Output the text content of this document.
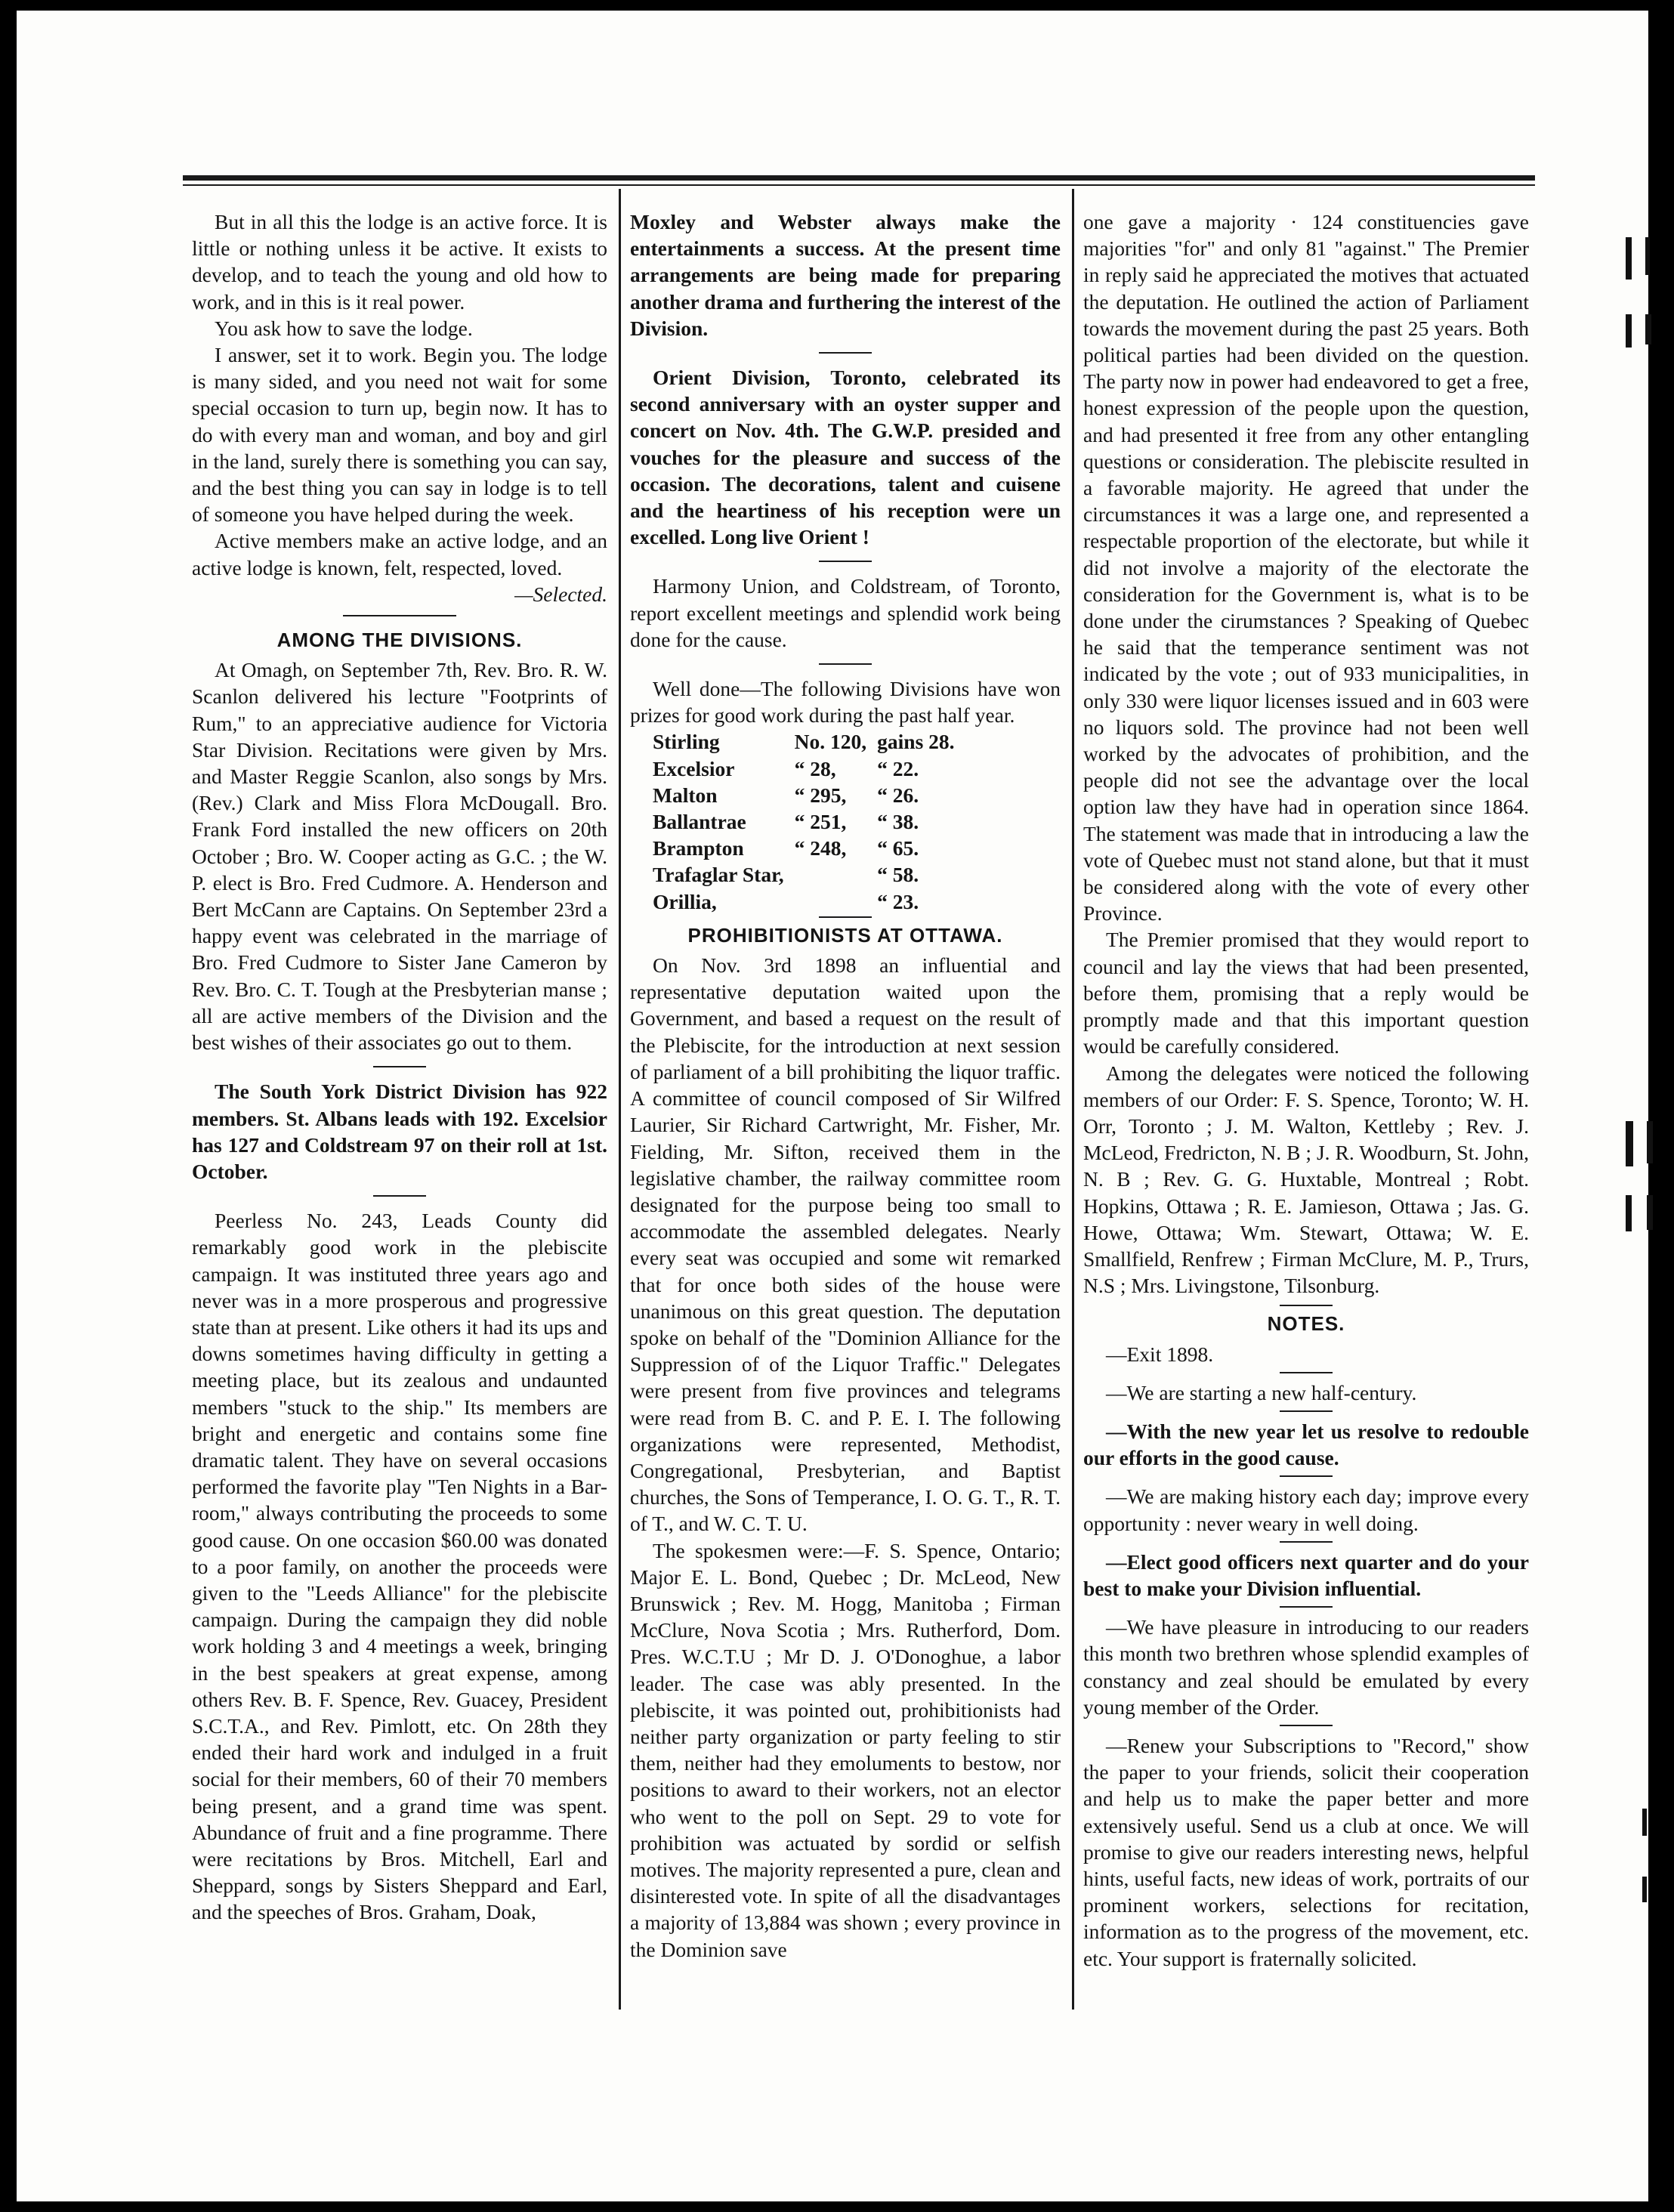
But in all this the lodge is an active force. It is little or nothing unless it be active. It exists to develop, and to teach the young and old how to work, and in this is it real power.

You ask how to save the lodge.

I answer, set it to work. Begin you. The lodge is many sided, and you need not wait for some special occasion to turn up, begin now. It has to do with every man and woman, and boy and girl in the land, surely there is something you can say, and the best thing you can say in lodge is to tell of someone you have helped during the week.

Active members make an active lodge, and an active lodge is known, felt, respected, loved.

—Selected.

AMONG THE DIVISIONS.

At Omagh, on September 7th, Rev. Bro. R. W. Scanlon delivered his lecture "Footprints of Rum," to an appreciative audience for Victoria Star Division. Recitations were given by Mrs. and Master Reggie Scanlon, also songs by Mrs. (Rev.) Clark and Miss Flora McDougall. Bro. Frank Ford installed the new officers on 20th October ; Bro. W. Cooper acting as G.C. ; the W. P. elect is Bro. Fred Cudmore. A. Henderson and Bert McCann are Captains. On September 23rd a happy event was celebrated in the marriage of Bro. Fred Cudmore to Sister Jane Cameron by Rev. Bro. C. T. Tough at the Presbyterian manse ; all are active members of the Division and the best wishes of their associates go out to them.

The South York District Division has 922 members. St. Albans leads with 192. Excelsior has 127 and Coldstream 97 on their roll at 1st. October.

Peerless No. 243, Leads County did remarkably good work in the plebiscite campaign. It was instituted three years ago and never was in a more prosperous and progressive state than at present. Like others it had its ups and downs sometimes having difficulty in getting a meeting place, but its zealous and undaunted members "stuck to the ship." Its members are bright and energetic and contains some fine dramatic talent. They have on several occasions performed the favorite play "Ten Nights in a Bar-room," always contributing the proceeds to some good cause. On one occasion $60.00 was donated to a poor family, on another the proceeds were given to the "Leeds Alliance" for the plebiscite campaign. During the campaign they did noble work holding 3 and 4 meetings a week, bringing in the best speakers at great expense, among others Rev. B. F. Spence, Rev. Guacey, President S.C.T.A., and Rev. Pimlott, etc. On 28th they ended their hard work and indulged in a fruit social for their members, 60 of their 70 members being present, and a grand time was spent. Abundance of fruit and a fine programme. There were recitations by Bros. Mitchell, Earl and Sheppard, songs by Sisters Sheppard and Earl, and the speeches of Bros. Graham, Doak,

Moxley and Webster always make the entertainments a success. At the present time arrangements are being made for preparing another drama and furthering the interest of the Division.

Orient Division, Toronto, celebrated its second anniversary with an oyster supper and concert on Nov. 4th. The G.W.P. presided and vouches for the pleasure and success of the occasion. The decorations, talent and cuisene and the heartiness of his reception were un excelled. Long live Orient !

Harmony Union, and Coldstream, of Toronto, report excellent meetings and splendid work being done for the cause.

Well done—The following Divisions have won prizes for good work during the past half year.

Stirling	No. 120,	gains 28.
Excelsior	“ 28,	“ 22.
Malton	“ 295,	“ 26.
Ballantrae	“ 251,	“ 38.
Brampton	“ 248,	“ 65.
Trafaglar Star,		“ 58.
Orillia,		“ 23.
PROHIBITIONISTS AT OTTAWA.

On Nov. 3rd 1898 an influential and representative deputation waited upon the Government, and based a request on the result of the Plebiscite, for the introduction at next session of parliament of a bill prohibiting the liquor traffic. A committee of council composed of Sir Wilfred Laurier, Sir Richard Cartwright, Mr. Fisher, Mr. Fielding, Mr. Sifton, received them in the legislative chamber, the railway committee room designated for the purpose being too small to accommodate the assembled delegates. Nearly every seat was occupied and some wit remarked that for once both sides of the house were unanimous on this great question. The deputation spoke on behalf of the "Dominion Alliance for the Suppression of of the Liquor Traffic." Delegates were present from five provinces and telegrams were read from B. C. and P. E. I. The following organizations were represented, Methodist, Congregational, Presbyterian, and Baptist churches, the Sons of Temperance, I. O. G. T., R. T. of T., and W. C. T. U.

The spokesmen were:—F. S. Spence, Ontario; Major E. L. Bond, Quebec ; Dr. McLeod, New Brunswick ; Rev. M. Hogg, Manitoba ; Firman McClure, Nova Scotia ; Mrs. Rutherford, Dom. Pres. W.C.T.U ; Mr D. J. O'Donoghue, a labor leader. The case was ably presented. In the plebiscite, it was pointed out, prohibitionists had neither party organization or party feeling to stir them, neither had they emoluments to bestow, nor positions to award to their workers, not an elector who went to the poll on Sept. 29 to vote for prohibition was actuated by sordid or selfish motives. The majority represented a pure, clean and disinterested vote. In spite of all the disadvantages a majority of 13,884 was shown ; every province in the Dominion save

one gave a majority · 124 constituencies gave majorities "for" and only 81 "against." The Premier in reply said he appreciated the motives that actuated the deputation. He outlined the action of Parliament towards the movement during the past 25 years. Both political parties had been divided on the question. The party now in power had endeavored to get a free, honest expression of the people upon the question, and had presented it free from any other entangling questions or consideration. The plebiscite resulted in a favorable majority. He agreed that under the circumstances it was a large one, and represented a respectable proportion of the electorate, but while it did not involve a majority of the electorate the consideration for the Government is, what is to be done under the cirumstances ? Speaking of Quebec he said that the temperance sentiment was not indicated by the vote ; out of 933 municipalities, in only 330 were liquor licenses issued and in 603 were no liquors sold. The province had not been well worked by the advocates of prohibition, and the people did not see the advantage over the local option law they have had in operation since 1864. The statement was made that in introducing a law the vote of Quebec must not stand alone, but that it must be considered along with the vote of every other Province.

The Premier promised that they would report to council and lay the views that had been presented, before them, promising that a reply would be promptly made and that this important question would be carefully considered.

Among the delegates were noticed the following members of our Order: F. S. Spence, Toronto; W. H. Orr, Toronto ; J. M. Walton, Kettleby ; Rev. J. McLeod, Fredricton, N. B ; J. R. Woodburn, St. John, N. B ; Rev. G. G. Huxtable, Montreal ; Robt. Hopkins, Ottawa ; R. E. Jamieson, Ottawa ; Jas. G. Howe, Ottawa; Wm. Stewart, Ottawa; W. E. Smallfield, Renfrew ; Firman McClure, M. P., Trurs, N.S ; Mrs. Livingstone, Tilsonburg.

NOTES.

—Exit 1898.

—We are starting a new half-century.

—With the new year let us resolve to redouble our efforts in the good cause.

—We are making history each day; improve every opportunity : never weary in well doing.

—Elect good officers next quarter and do your best to make your Division influential.

—We have pleasure in introducing to our readers this month two brethren whose splendid examples of constancy and zeal should be emulated by every young member of the Order.

—Renew your Subscriptions to "Record," show the paper to your friends, solicit their cooperation and help us to make the paper better and more extensively useful. Send us a club at once. We will promise to give our readers interesting news, helpful hints, useful facts, new ideas of work, portraits of our prominent workers, selections for recitation, information as to the progress of the movement, etc. etc. Your support is fraternally solicited.
